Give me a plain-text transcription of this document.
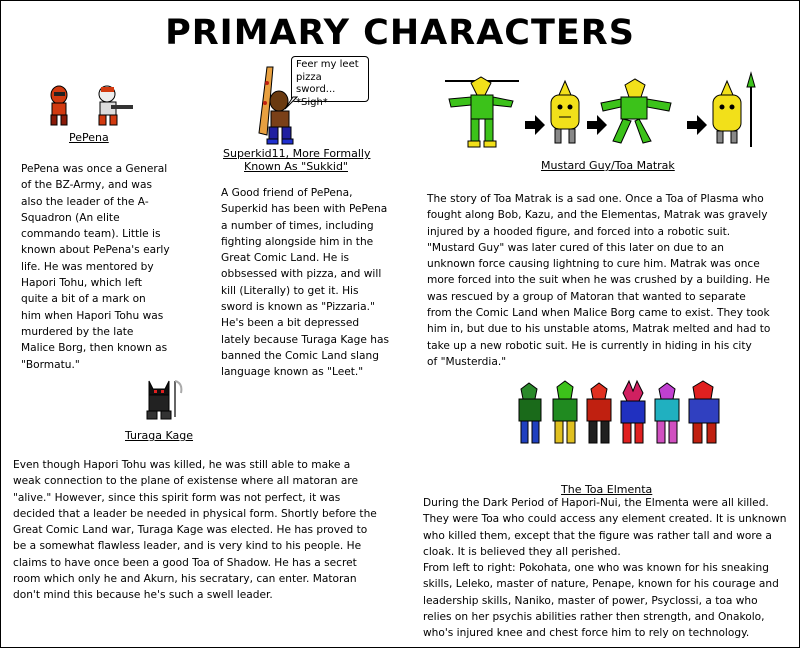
PRIMARY CHARACTERS
PePena
PePena was once a General
of the BZ-Army, and was
also the leader of the A-
Squadron (An elite
commando team). Little is
known about PePena's early
life. He was mentored by
Hapori Tohu, which left
quite a bit of a mark on
him when Hapori Tohu was
murdered by the late
Malice Borg, then known as
"Bormatu."
Feer my leet
pizza sword...
*Sigh*
Superkid11, More Formally
Known As "Sukkid"
A Good friend of PePena,
Superkid has been with PePena
a number of times, including
fighting alongside him in the
Great Comic Land. He is
obbsessed with pizza, and will
kill (Literally) to get it. His
sword is known as "Pizzaria."
He's been a bit depressed
lately because Turaga Kage has
banned the Comic Land slang
language known as "Leet."
Mustard Guy/Toa Matrak
The story of Toa Matrak is a sad one. Once a Toa of Plasma who
fought along Bob, Kazu, and the Elementas, Matrak was gravely
injured by a hooded figure, and forced into a robotic suit.
"Mustard Guy" was later cured of this later on due to an
unknown force causing lightning to cure him. Matrak was once
more forced into the suit when he was crushed by a building. He
was rescued by a group of Matoran that wanted to separate
from the Comic Land when Malice Borg came to exist. They took
him in, but due to his unstable atoms, Matrak melted and had to
take up a new robotic suit. He is currently in hiding in his city
of "Musterdia."
Turaga Kage
Even though Hapori Tohu was killed, he was still able to make a
weak connection to the plane of existense where all matoran are
"alive." However, since this spirit form was not perfect, it was
decided that a leader be needed in physical form. Shortly before the
Great Comic Land war, Turaga Kage was elected. He has proved to
be a somewhat flawless leader, and is very kind to his people. He
claims to have once been a good Toa of Shadow. He has a secret
room which only he and Akurn, his secratary, can enter. Matoran
don't mind this because he's such a swell leader.
The Toa Elmenta
During the Dark Period of Hapori-Nui, the Elmenta were all killed.
They were Toa who could access any element created. It is unknown
who killed them, except that the figure was rather tall and wore a
cloak. It is believed they all perished.
From left to right: Pokohata, one who was known for his sneaking
skills, Leleko, master of nature, Penape, known for his courage and
leadership skills, Naniko, master of power, Psyclossi, a toa who
relies on her psychis abilities rather then strength, and Onakolo,
who's injured knee and chest force him to rely on technology.
